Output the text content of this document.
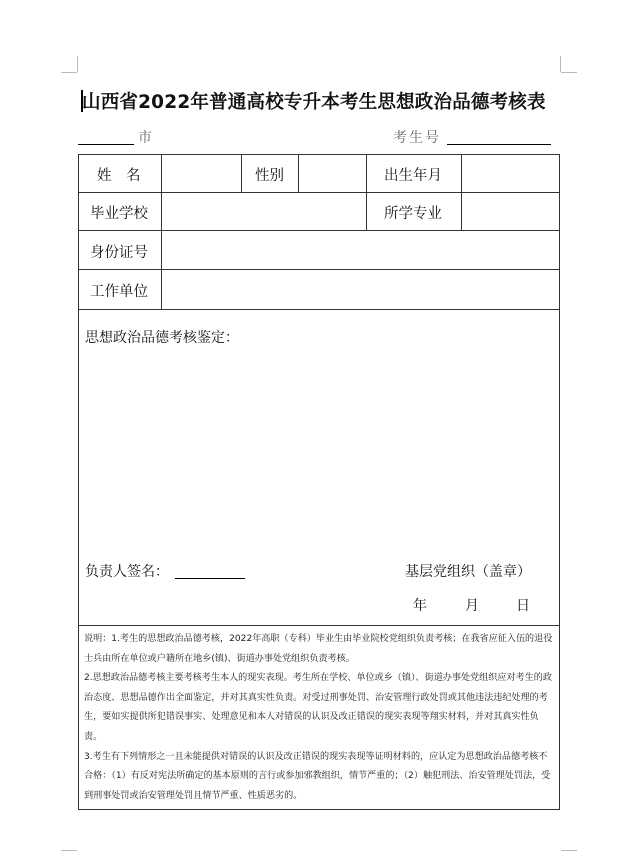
山西省2022年普通高校专升本考生思想政治品德考核表
市	考生号
姓　名	性别	出生年月
毕业学校	所学专业
身份证号
工作单位
思想政治品德考核鉴定：
负责人签名：	基层党组织（盖章）
年	月	日

说明：1.考生的思想政治品德考核，2022年高职（专科）毕业生由毕业院校党组织负责考核；在我省应征入伍的退役士兵由所在单位或户籍所在地乡(镇)、街道办事处党组织负责考核。

2.思想政治品德考核主要考核考生本人的现实表现。考生所在学校、单位或乡（镇）、街道办事处党组织应对考生的政治态度、思想品德作出全面鉴定，并对其真实性负责。对受过刑事处罚、治安管理行政处罚或其他违法违纪处理的考生，要如实提供所犯错误事实、处理意见和本人对错误的认识及改正错误的现实表现等翔实材料，并对其真实性负责。

3.考生有下列情形之一且未能提供对错误的认识及改正错误的现实表现等证明材料的，应认定为思想政治品德考核不合格：（1）有反对宪法所确定的基本原则的言行或参加邪教组织，情节严重的；（2）触犯刑法、治安管理处罚法，受到刑事处罚或治安管理处罚且情节严重、性质恶劣的。
